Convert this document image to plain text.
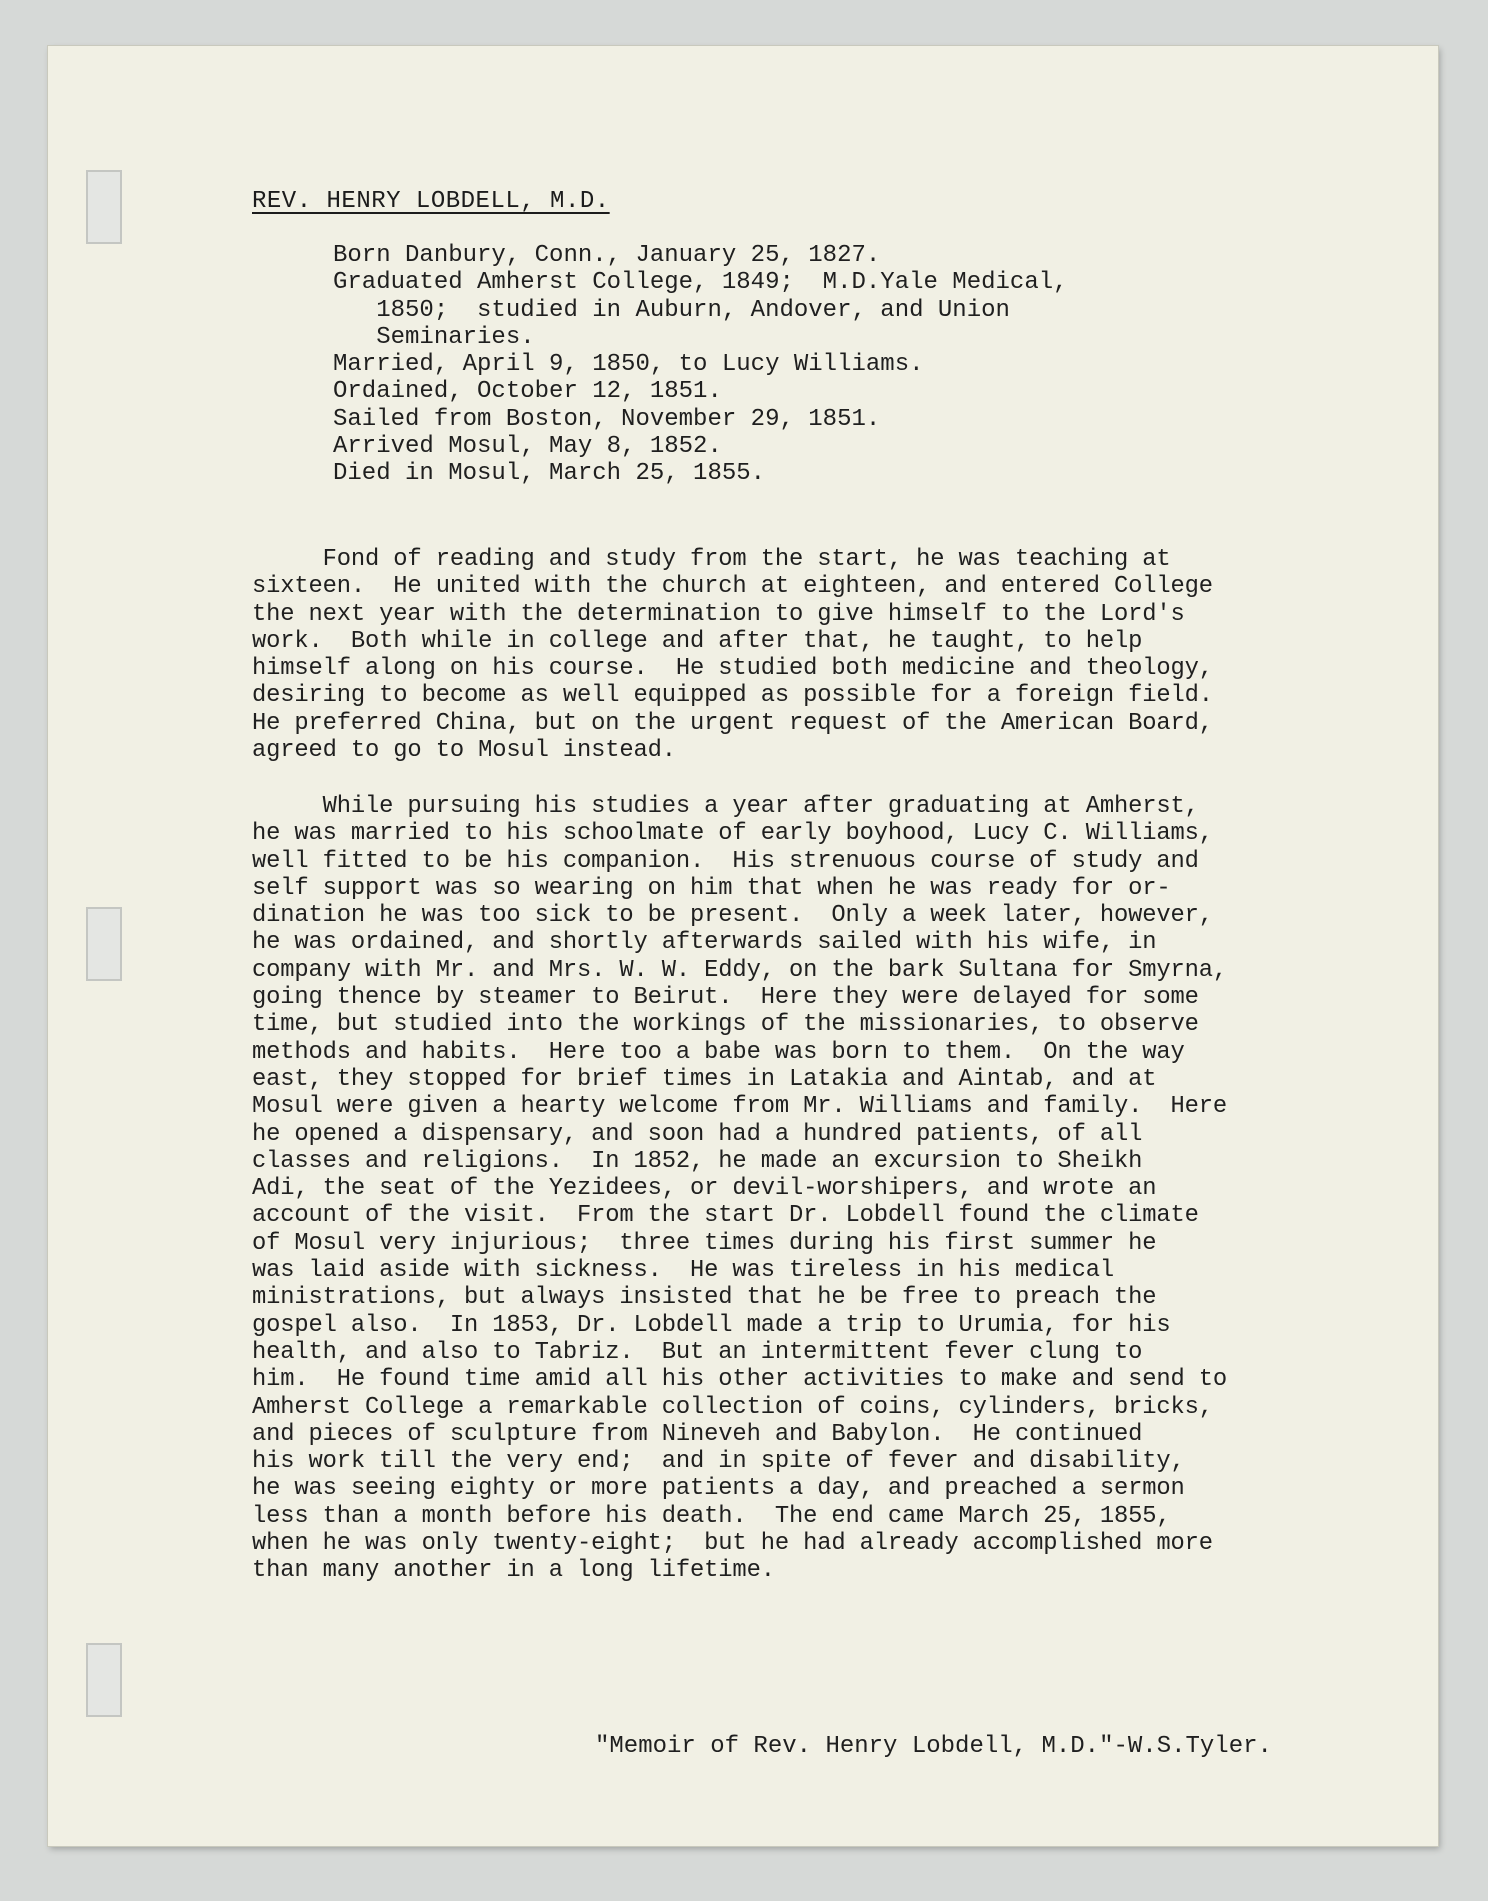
REV. HENRY LOBDELL, M.D.
Born Danbury, Conn., January 25, 1827.
Graduated Amherst College, 1849;  M.D.Yale Medical,
1850;  studied in Auburn, Andover, and Union
Seminaries.
Married, April 9, 1850, to Lucy Williams.
Ordained, October 12, 1851.
Sailed from Boston, November 29, 1851.
Arrived Mosul, May 8, 1852.
Died in Mosul, March 25, 1855.
Fond of reading and study from the start, he was teaching at
sixteen.  He united with the church at eighteen, and entered College
the next year with the determination to give himself to the Lord's
work.  Both while in college and after that, he taught, to help
himself along on his course.  He studied both medicine and theology,
desiring to become as well equipped as possible for a foreign field.
He preferred China, but on the urgent request of the American Board,
agreed to go to Mosul instead.
While pursuing his studies a year after graduating at Amherst,
he was married to his schoolmate of early boyhood, Lucy C. Williams,
well fitted to be his companion.  His strenuous course of study and
self support was so wearing on him that when he was ready for or-
dination he was too sick to be present.  Only a week later, however,
he was ordained, and shortly afterwards sailed with his wife, in
company with Mr. and Mrs. W. W. Eddy, on the bark Sultana for Smyrna,
going thence by steamer to Beirut.  Here they were delayed for some
time, but studied into the workings of the missionaries, to observe
methods and habits.  Here too a babe was born to them.  On the way
east, they stopped for brief times in Latakia and Aintab, and at
Mosul were given a hearty welcome from Mr. Williams and family.  Here
he opened a dispensary, and soon had a hundred patients, of all
classes and religions.  In 1852, he made an excursion to Sheikh
Adi, the seat of the Yezidees, or devil-worshipers, and wrote an
account of the visit.  From the start Dr. Lobdell found the climate
of Mosul very injurious;  three times during his first summer he
was laid aside with sickness.  He was tireless in his medical
ministrations, but always insisted that he be free to preach the
gospel also.  In 1853, Dr. Lobdell made a trip to Urumia, for his
health, and also to Tabriz.  But an intermittent fever clung to
him.  He found time amid all his other activities to make and send to
Amherst College a remarkable collection of coins, cylinders, bricks,
and pieces of sculpture from Nineveh and Babylon.  He continued
his work till the very end;  and in spite of fever and disability,
he was seeing eighty or more patients a day, and preached a sermon
less than a month before his death.  The end came March 25, 1855,
when he was only twenty-eight;  but he had already accomplished more
than many another in a long lifetime.
"Memoir of Rev. Henry Lobdell, M.D."-W.S.Tyler.
